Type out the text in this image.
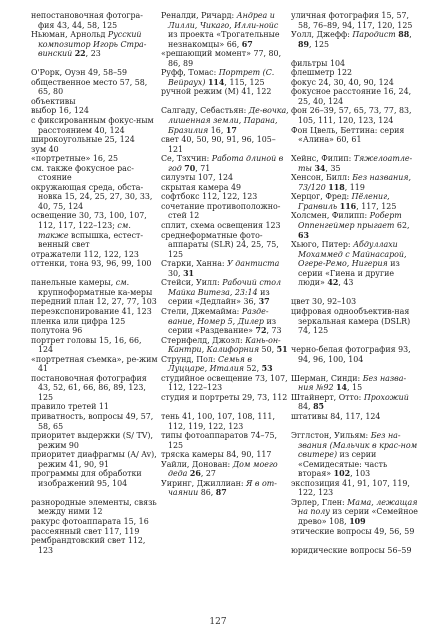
непостановочная фотогра-фия 43, 44, 58, 125

Ньюман, Арнольд Русский композитор Игорь Стра-винский 22, 23

О'Рорк, Оуэн 49, 58–59

общественное место 57, 58, 65, 80

объективы

выбор 16, 124

с фиксированным фокус-ным расстоянием 40, 124

широкоугольные 25, 124

зум 40

«портретные» 16, 25

см. также фокусное рас-стояние

окружающая среда, обста-новка 15, 24, 25, 27, 30, 33, 40, 75, 124

освещение 30, 73, 100, 107, 112, 117, 122–123; см. также вспышка, естест-венный свет

отражатели 112, 122, 123

оттенки, тона 93, 96, 99, 100

панельные камеры, см. крупноформатные ка-меры

передний план 12, 27, 77, 103

переэкспонирование 41, 123

пленка или цифра 125

полутона 96

портрет головы 15, 16, 66, 124

«портретная съемка», ре-жим 41

постановочная фотография 43, 52, 61, 66, 86, 89, 123, 125

правило третей 11

приватность, вопросы 49, 57, 58, 65

приоритет выдержки (S/ TV), режим 90

приоритет диафрагмы (A/ Av), режим 41, 90, 91

программы для обработки изображений 95, 104

разнородные элементы, связь между ними 12

ракурс фотоаппарата 15, 16

рассеянный свет 117, 119

рембрандтовский свет 112, 123

Реналди, Ричард: Андреа и Лилли, Чикаго, Илли-нойс из проекта «Трогательные незнакомцы» 66, 67

«решающий момент» 77, 80, 86, 89

Руфф, Томас: Портрет (С. Вейраух) 114, 115, 125

ручной режим (M) 41, 122

Салгаду, Себастьян: Де-вочка, лишенная земли, Парана, Бразилия 16, 17

свет 40, 50, 90, 91, 96, 105–121

Се, Тэхчин: Работа длиной в год 70, 71

силуэты 107, 124

скрытая камера 49

софтбокс 112, 122, 123

сочетание противоположно-стей 12

сплит, схема освещения 123

среднеформатные фото-аппараты (SLR) 24, 25, 75, 125

Старки, Ханна: У дантиста 30, 31

Стейси, Уилл: Рабочий стол Майка Витеза, 23:14 из серии «Дедлайн» 36, 37

Стели, Джемайма: Разде-вание, Номер 5, Дилер из серии «Раздевание» 72, 73

Стернфелд, Джоэл: Кань-он-Кантри, Калифорния 50, 51

Струнд, Пол: Семья в Луццаре, Италия 52, 53

студийное освещение 73, 107, 112, 122–123

студия и портреты 29, 73, 112

тень 41, 100, 107, 108, 111, 112, 119, 122, 123

типы фотоаппаратов 74–75, 125

тряска камеры 84, 90, 117

Уайли, Донован: Дом моего деда 26, 27

Уиринг, Джиллиан: Я в от-чаянии 86, 87

уличная фотография 15, 57, 58, 76–89, 94, 117, 120, 125

Уолл, Джефф: Пародист 88, 89, 125

фильтры 104

флешметр 122

фокус 24, 30, 40, 90, 124

фокусное расстояние 16, 24, 25, 40, 124

фон 26–39, 57, 65, 73, 77, 83, 105, 111, 120, 123, 124

Фон Цвель, Беттина: серия «Алина» 60, 61

Хейнс, Филип: Тяжелоатле-ты 34, 35

Хенсон, Билл: Без названия, 73/120 118, 119

Херцог, Фред: Пёлениг, Гранвиль 116, 117, 125

Холсмен, Филипп: Роберт Оппенгеймер прыгает 62, 63

Хьюго, Питер: Абдуллахи Мохаммед с Майнасарой, Огере-Ремо, Нигерия из серии «Гиена и другие люди» 42, 43

цвет 30, 92–103

цифровая однообъектив-ная зеркальная камера (DSLR) 74, 125

черно-белая фотография 93, 94, 96, 100, 104

Шерман, Синди: Без назва-ния №92 14, 15

Штайнерт, Отто: Прохожий 84, 85

штативы 84, 117, 124

Эгглстон, Уильям: Без на-звания (Мальчик в крас-ном свитере) из серии «Семидесятые: часть вторая» 102, 103

экспозиция 41, 91, 107, 119, 122, 123

Эрлер, Глен: Мама, лежащая на полу из серии «Семейное древо» 108, 109

этические вопросы 49, 56, 59

юридические вопросы 56–59

127
